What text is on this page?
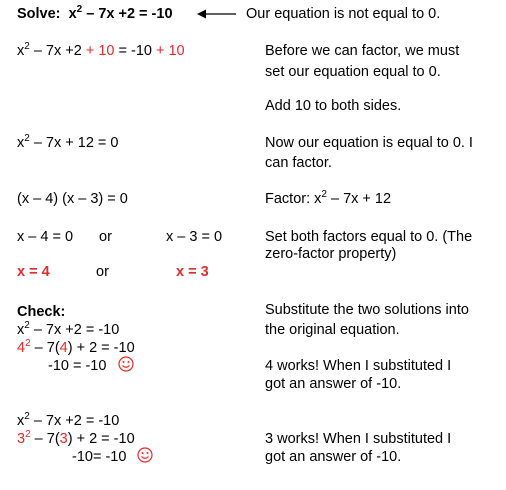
Solve: $x^2 - 7x +2 = -10$	Our equation is not equal to 0.
$x^2 - 7x +2 + 10 = -10 + 10$	Before we can factor, we must
set our equation equal to 0.
Add 10 to both sides.
$x^2 - 7x + 12 = 0$	Now our equation is equal to 0. I
can factor.
(x – 4) (x – 3) = 0	Factor: $x^2 - 7x + 12$
x – 4 = 0 or	x – 3 = 0	Set both factors equal to 0. (The
zero-factor property)
x = 4	or	x = 3
Check:	Substitute the two solutions into
the original equation.
$x^2 - 7x +2 = -10$
$4^2 - 7(4) + 2 = -10$
-10 = -10	4 works! When I substituted I
got an answer of -10.
$x^2 - 7x +2 = -10$
$3^2 - 7(3) + 2 = -10$
-10= -10
3 works! When I substituted I
got an answer of -10.
